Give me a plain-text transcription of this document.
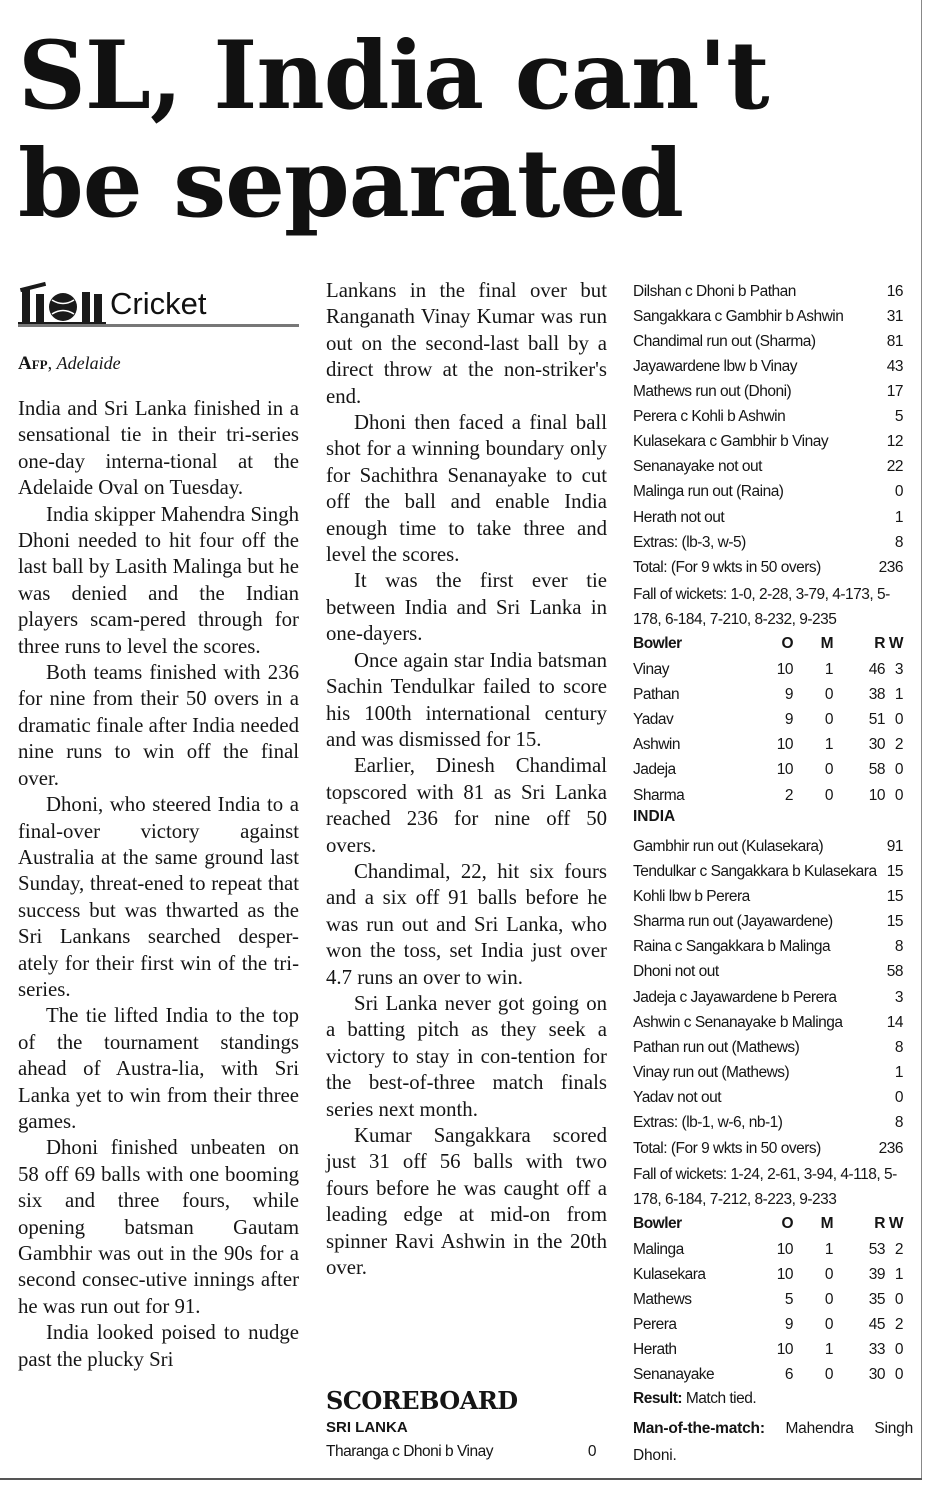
SL, India can't be separated
Cricket
Afp, Adelaide

India and Sri Lanka finished in a sensational tie in their tri-series one-day interna-tional at the Adelaide Oval on Tuesday.

India skipper Mahendra Singh Dhoni needed to hit four off the last ball by Lasith Malinga but he was denied and the Indian players scam-pered through for three runs to level the scores.

Both teams finished with 236 for nine from their 50 overs in a dramatic finale after India needed nine runs to win off the final over.

Dhoni, who steered India to a final-over victory against Australia at the same ground last Sunday, threat-ened to repeat that success but was thwarted as the Sri Lankans searched desper-ately for their first win of the tri-series.

The tie lifted India to the top of the tournament standings ahead of Austra-lia, with Sri Lanka yet to win from their three games.

Dhoni finished unbeaten on 58 off 69 balls with one booming six and three fours, while opening batsman Gautam Gambhir was out in the 90s for a second consec-utive innings after he was run out for 91.

India looked poised to nudge past the plucky Sri

Lankans in the final over but Ranganath Vinay Kumar was run out on the second-last ball by a direct throw at the non-striker's end.

Dhoni then faced a final ball shot for a winning boundary only for Sachithra Senanayake to cut off the ball and enable India enough time to take three and level the scores.

It was the first ever tie between India and Sri Lanka in one-dayers.

Once again star India batsman Sachin Tendulkar failed to score his 100th international century and was dismissed for 15.

Earlier, Dinesh Chandimal topscored with 81 as Sri Lanka reached 236 for nine off 50 overs.

Chandimal, 22, hit six fours and a six off 91 balls before he was run out and Sri Lanka, who won the toss, set India just over 4.7 runs an over to win.

Sri Lanka never got going on a batting pitch as they seek a victory to stay in con-tention for the best-of-three match finals series next month.

Kumar Sangakkara scored just 31 off 56 balls with two fours before he was caught off a leading edge at mid-on from spinner Ravi Ashwin in the 20th over.

SCOREBOARD
SRI LANKA
Tharanga c Dhoni b Vinay	0
Dilshan c Dhoni b Pathan	16
Sangakkara c Gambhir b Ashwin	31
Chandimal run out (Sharma)	81
Jayawardene lbw b Vinay	43
Mathews run out (Dhoni)	17
Perera c Kohli b Ashwin	5
Kulasekara c Gambhir b Vinay	12
Senanayake not out	22
Malinga run out (Raina)	0
Herath not out	1
Extras: (lb-3, w-5)	8
Total: (For 9 wkts in 50 overs)	236
Fall of wickets: 1-0, 2-28, 3-79, 4-173, 5-178, 6-184, 7-210, 8-232, 9-235
Bowler	O	M	R W
Vinay	10	1	46 3
Pathan	9	0	38 1
Yadav	9	0	51 0
Ashwin	10	1	30 2
Jadeja	10	0	58 0
Sharma	2	0	10 0
INDIA
Gambhir run out (Kulasekara)	91
Tendulkar c Sangakkara b Kulasekara 15
Kohli lbw b Perera	15
Sharma run out (Jayawardene)	15
Raina c Sangakkara b Malinga	8
Dhoni not out	58
Jadeja c Jayawardene b Perera	3
Ashwin c Senanayake b Malinga	14
Pathan run out (Mathews)	8
Vinay run out (Mathews)	1
Yadav not out	0
Extras: (lb-1, w-6, nb-1)	8
Total: (For 9 wkts in 50 overs)	236
Fall of wickets: 1-24, 2-61, 3-94, 4-118, 5-178, 6-184, 7-212, 8-223, 9-233
Bowler	O	M	R W
Malinga	10	1	53 2
Kulasekara	10	0	39 1
Mathews	5	0	35 0
Perera	9	0	45 2
Herath	10	1	33 0
Senanayake	6	0	30 0
Result: Match tied.
Man-of-the-match: Mahendra Singh Dhoni.
